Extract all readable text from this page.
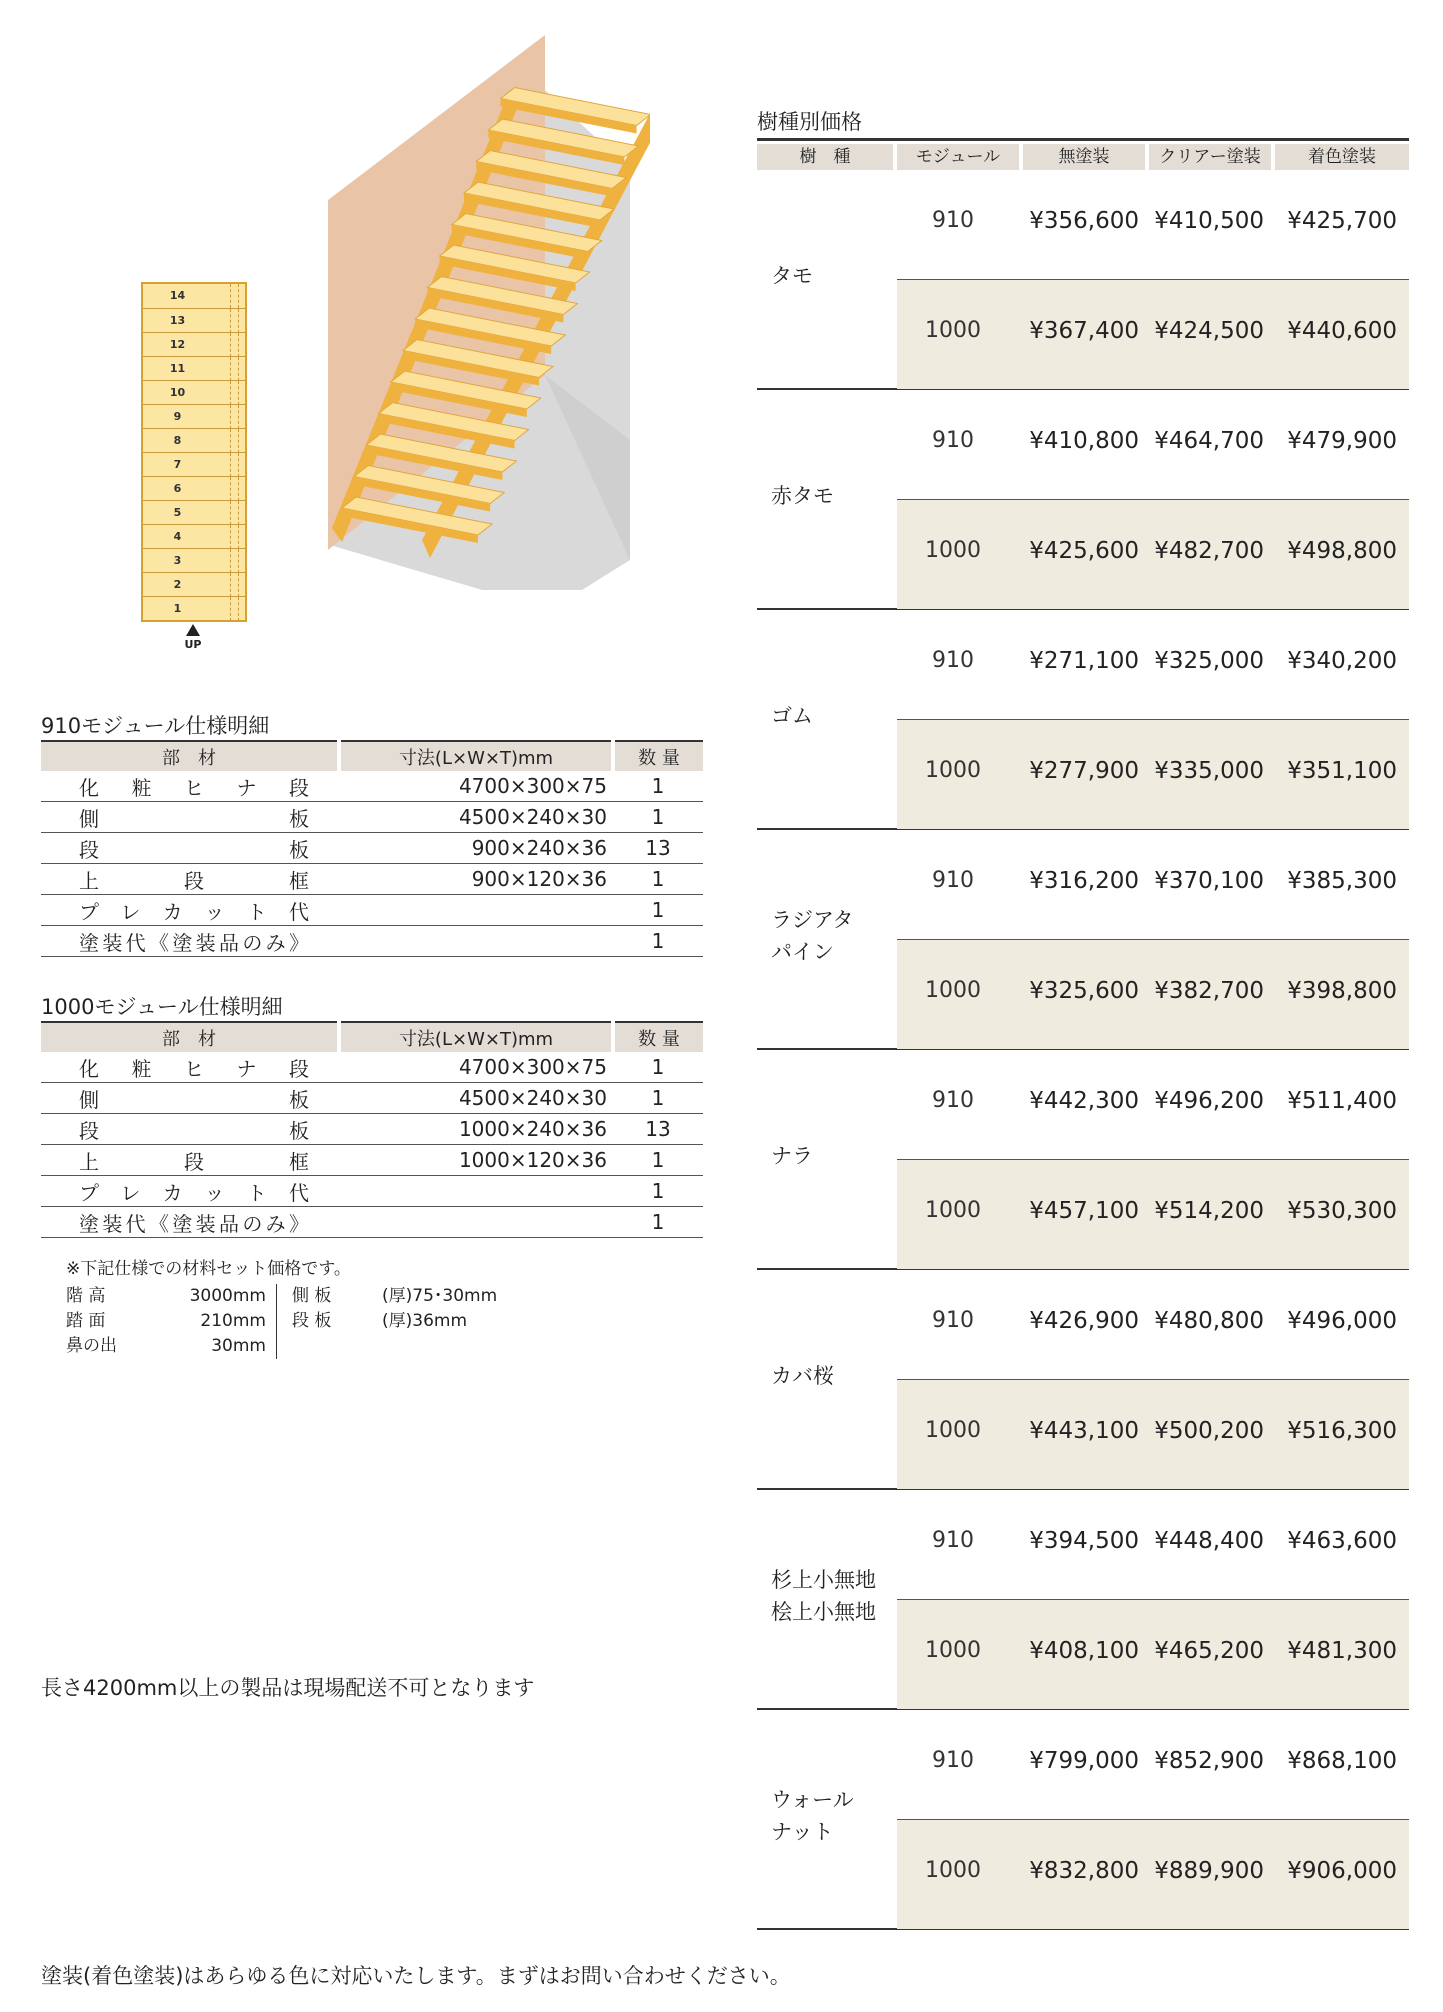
14
13
12
11
10
9
8
7
6
5
4
3
2
1
UP
910モジュール仕様明細
部　材	寸法(L×W×T)mm	数 量

化粧ヒナ段	4700×300×75	1

側板	4500×240×30	1

段板	900×240×36	13

上段框	900×120×36	1

プレカット代		1

塗装代《塗装品のみ》		1
1000モジュール仕様明細
部　材	寸法(L×W×T)mm	数 量

化粧ヒナ段	4700×300×75	1

側板	4500×240×30	1

段板	1000×240×36	13

上段框	1000×120×36	1

プレカット代		1

塗装代《塗装品のみ》		1
※下記仕様での材料セット価格です。
階 高	3000mm
踏 面	210mm
鼻の出	30mm
側 板	(厚)75･30mm
段 板	(厚)36mm
長さ4200mm以上の製品は現場配送不可となります
塗装(着色塗装)はあらゆる色に対応いたします。まずはお問い合わせください。
樹種別価格
樹　種	モジュール	無塗装	クリアー塗装	着色塗装
タモ
910	¥356,600 ¥410,500	¥425,700
1000	¥367,400 ¥424,500	¥440,600
赤タモ
910	¥410,800 ¥464,700	¥479,900
1000	¥425,600 ¥482,700	¥498,800
ゴム
910	¥271,100 ¥325,000	¥340,200
1000	¥277,900 ¥335,000	¥351,100
ラジアタ
パイン
910	¥316,200 ¥370,100	¥385,300
1000	¥325,600 ¥382,700	¥398,800
ナラ
910	¥442,300 ¥496,200	¥511,400
1000	¥457,100 ¥514,200	¥530,300
カバ桜
910	¥426,900 ¥480,800	¥496,000
1000	¥443,100 ¥500,200	¥516,300
杉上小無地
桧上小無地
910	¥394,500 ¥448,400	¥463,600
1000	¥408,100 ¥465,200	¥481,300
ウォール
ナット
910	¥799,000 ¥852,900	¥868,100
1000	¥832,800 ¥889,900	¥906,000
